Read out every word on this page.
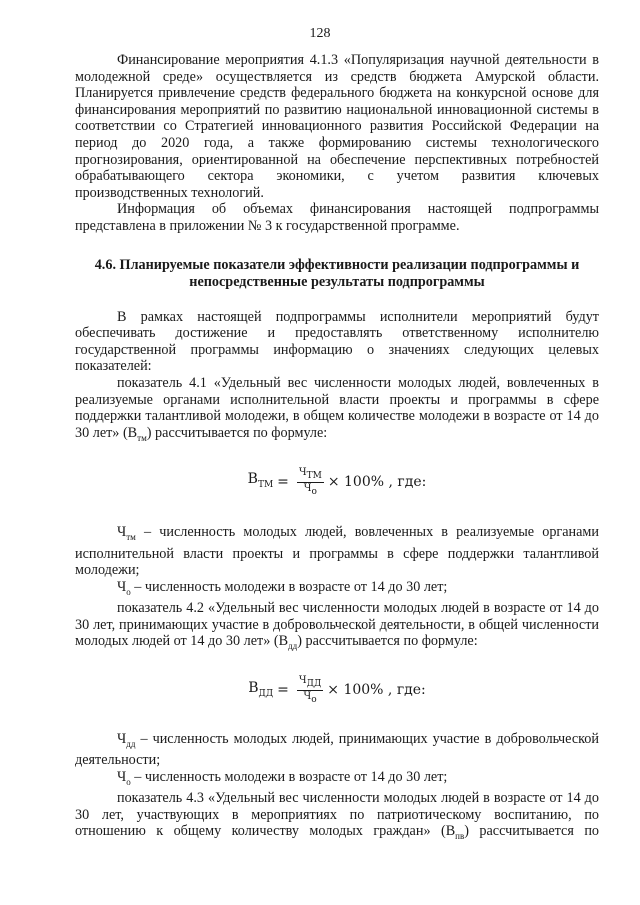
128

Финансирование мероприятия 4.1.3 «Популяризация научной деятельности в молодежной среде» осуществляется из средств бюджета Амурской области. Планируется привлечение средств федерального бюджета на конкурсной основе для финансирования мероприятий по развитию национальной инновационной системы в соответствии со Стратегией инновационного развития Российской Федерации на период до 2020 года, а также формированию системы технологического прогнозирования, ориентированной на обеспечение перспективных потребностей обрабатывающего сектора экономики, с учетом развития ключевых производственных технологий.

Информация об объемах финансирования настоящей подпрограммы представлена в приложении № 3 к государственной программе.

4.6. Планируемые показатели эффективности реализации подпрограммы и непосредственные результаты подпрограммы

В рамках настоящей подпрограммы исполнители мероприятий будут обеспечивать достижение и предоставлять ответственному исполнителю государственной программы информацию о значениях следующих целевых показателей:

показатель 4.1 «Удельный вес численности молодых людей, вовлеченных в реализуемые органами исполнительной власти проекты и программы в сфере поддержки талантливой молодежи, в общем количестве молодежи в возрасте от 14 до 30 лет» $(В_{тм})$ рассчитывается по формуле:

$В_{ТМ} = \frac{Ч_{ТМ}}{Ч_о} \times 100\%$ , где:

$Ч_{тм}$ – численность молодых людей, вовлеченных в реализуемые органами исполнительной власти проекты и программы в сфере поддержки талантливой молодежи;

$Ч_о$ – численность молодежи в возрасте от 14 до 30 лет;

показатель 4.2 «Удельный вес численности молодых людей в возрасте от 14 до 30 лет, принимающих участие в добровольческой деятельности, в общей численности молодых людей от 14 до 30 лет» $(В_{дд})$ рассчитывается по формуле:

$В_{ДД} = \frac{Ч_{ДД}}{Ч_о} \times 100\%$ , где:

$Ч_{дд}$ – численность молодых людей, принимающих участие в добровольческой деятельности;

$Ч_о$ – численность молодежи в возрасте от 14 до 30 лет;

показатель 4.3 «Удельный вес численности молодых людей в возрасте от 14 до 30 лет, участвующих в мероприятиях по патриотическому воспитанию, по отношению к общему количеству молодых граждан» $(В_{пв})$ рассчитывается по
